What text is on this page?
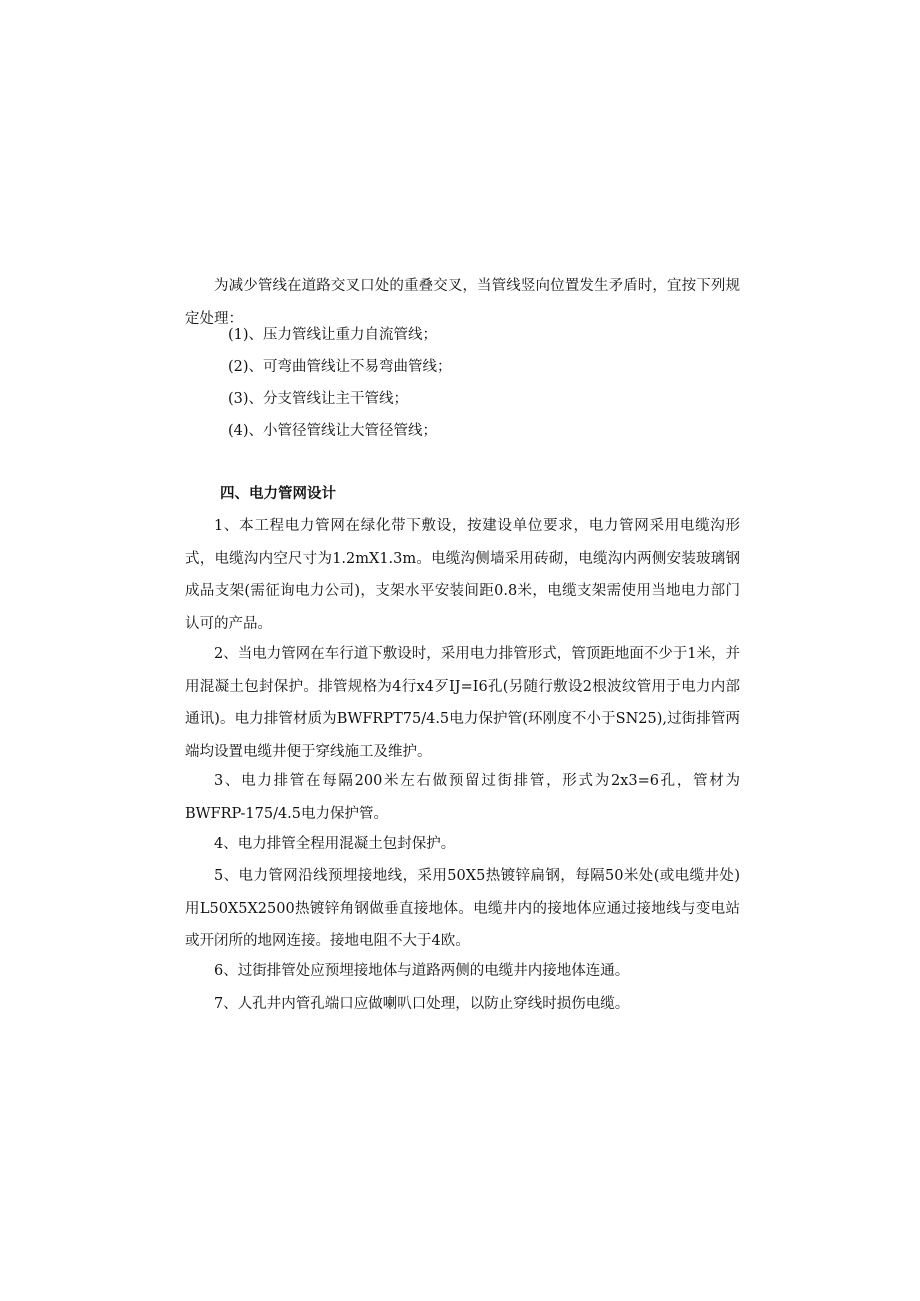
为减少管线在道路交叉口处的重叠交叉，当管线竖向位置发生矛盾时，宜按下列规定处理：

(1)、压力管线让重力自流管线；

(2)、可弯曲管线让不易弯曲管线；

(3)、分支管线让主干管线；

(4)、小管径管线让大管径管线；

四、电力管网设计

1、本工程电力管网在绿化带下敷设，按建设单位要求，电力管网采用电缆沟形式，电缆沟内空尺寸为1.2mX1.3m。电缆沟侧墙采用砖砌，电缆沟内两侧安装玻璃钢成品支架(需征询电力公司)，支架水平安装间距0.8米，电缆支架需使用当地电力部门认可的产品。

2、当电力管网在车行道下敷设时，采用电力排管形式，管顶距地面不少于1米，并用混凝土包封保护。排管规格为4行x4歹IJ=I6孔(另随行敷设2根波纹管用于电力内部通讯)。电力排管材质为BWFRPT75/4.5电力保护管(环刚度不小于SN25),过街排管两端均设置电缆井便于穿线施工及维护。

3、电力排管在每隔200米左右做预留过街排管，形式为2x3=6孔，管材为BWFRP-175/4.5电力保护管。

4、电力排管全程用混凝土包封保护。

5、电力管网沿线预埋接地线，采用50X5热镀锌扁钢，每隔50米处(或电缆井处)用L50X5X2500热镀锌角钢做垂直接地体。电缆井内的接地体应通过接地线与变电站或开闭所的地网连接。接地电阻不大于4欧。

6、过街排管处应预埋接地体与道路两侧的电缆井内接地体连通。

7、人孔井内管孔端口应做喇叭口处理，以防止穿线时损伤电缆。
